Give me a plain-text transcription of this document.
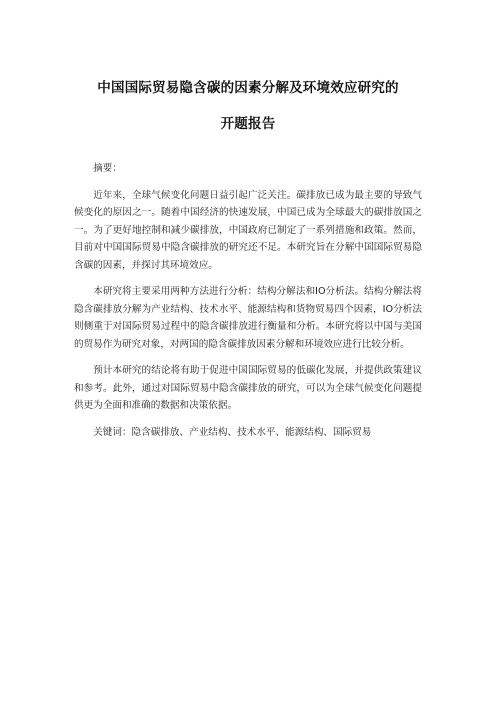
中国国际贸易隐含碳的因素分解及环境效应研究的
开题报告

摘要：

近年来，全球气候变化问题日益引起广泛关注。碳排放已成为最主要的导致气候变化的原因之一。随着中国经济的快速发展，中国已成为全球最大的碳排放国之一。为了更好地控制和减少碳排放，中国政府已制定了一系列措施和政策。然而，目前对中国国际贸易中隐含碳排放的研究还不足。本研究旨在分解中国国际贸易隐含碳的因素，并探讨其环境效应。

本研究将主要采用两种方法进行分析：结构分解法和IO分析法。结构分解法将隐含碳排放分解为产业结构、技术水平、能源结构和货物贸易四个因素，IO分析法则侧重于对国际贸易过程中的隐含碳排放进行衡量和分析。本研究将以中国与美国的贸易作为研究对象，对两国的隐含碳排放因素分解和环境效应进行比较分析。

预计本研究的结论将有助于促进中国国际贸易的低碳化发展，并提供政策建议和参考。此外，通过对国际贸易中隐含碳排放的研究，可以为全球气候变化问题提供更为全面和准确的数据和决策依据。

关键词：隐含碳排放、产业结构、技术水平、能源结构、国际贸易
